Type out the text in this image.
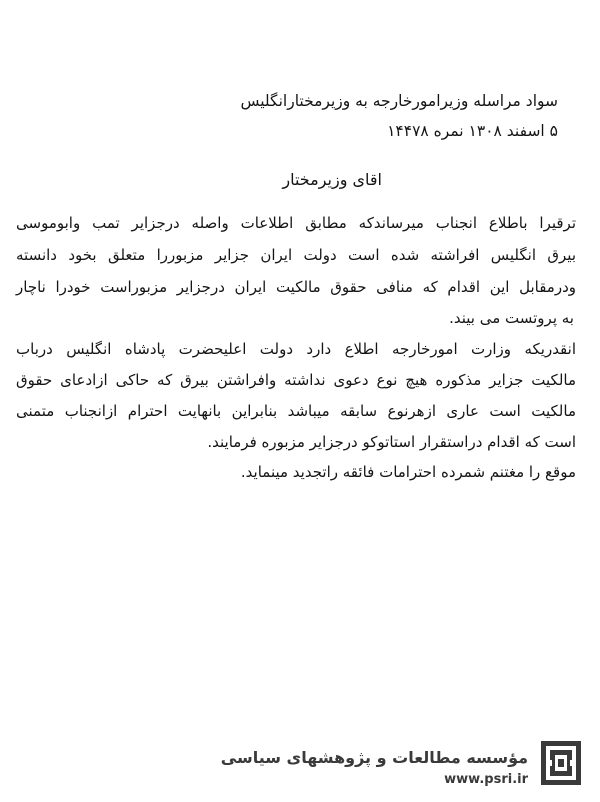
سواد مراسله وزیرامورخارجه به وزیرمختارانگلیس
۵ اسفند ۱۳۰۸ نمره ۱۴۴۷۸
اقای وزیرمختار
ترقیرا باطلاع انجناب میرساندکه مطابق اطلاعات واصله درجزایر تمب وابوموسی
بیرق انگلیس افراشته شده است دولت ایران جزایر مزبوررا متعلق بخود دانسته
ودرمقابل این اقدام که منافی حقوق مالکیت ایران درجزایر مزبوراست خودرا ناچار
به پروتست می بیند.
انقدریکه وزارت امورخارجه اطلاع دارد دولت اعلیحضرت پادشاه انگلیس درباب
مالکیت جزایر مذکوره هیچ نوع دعوی نداشته وافراشتن بیرق که حاکی ازادعای حقوق
مالکیت است عاری ازهرنوع سابقه میباشد بنابراین بانهایت احترام ازانجناب متمنی
است که اقدام دراستقرار استاتوکو درجزایر مزبوره فرمایند.
موقع را مغتنم شمرده احترامات فائقه راتجدید مینماید.
مؤسسه مطالعات و پژوهشهای سیاسی
www.psri.ir
